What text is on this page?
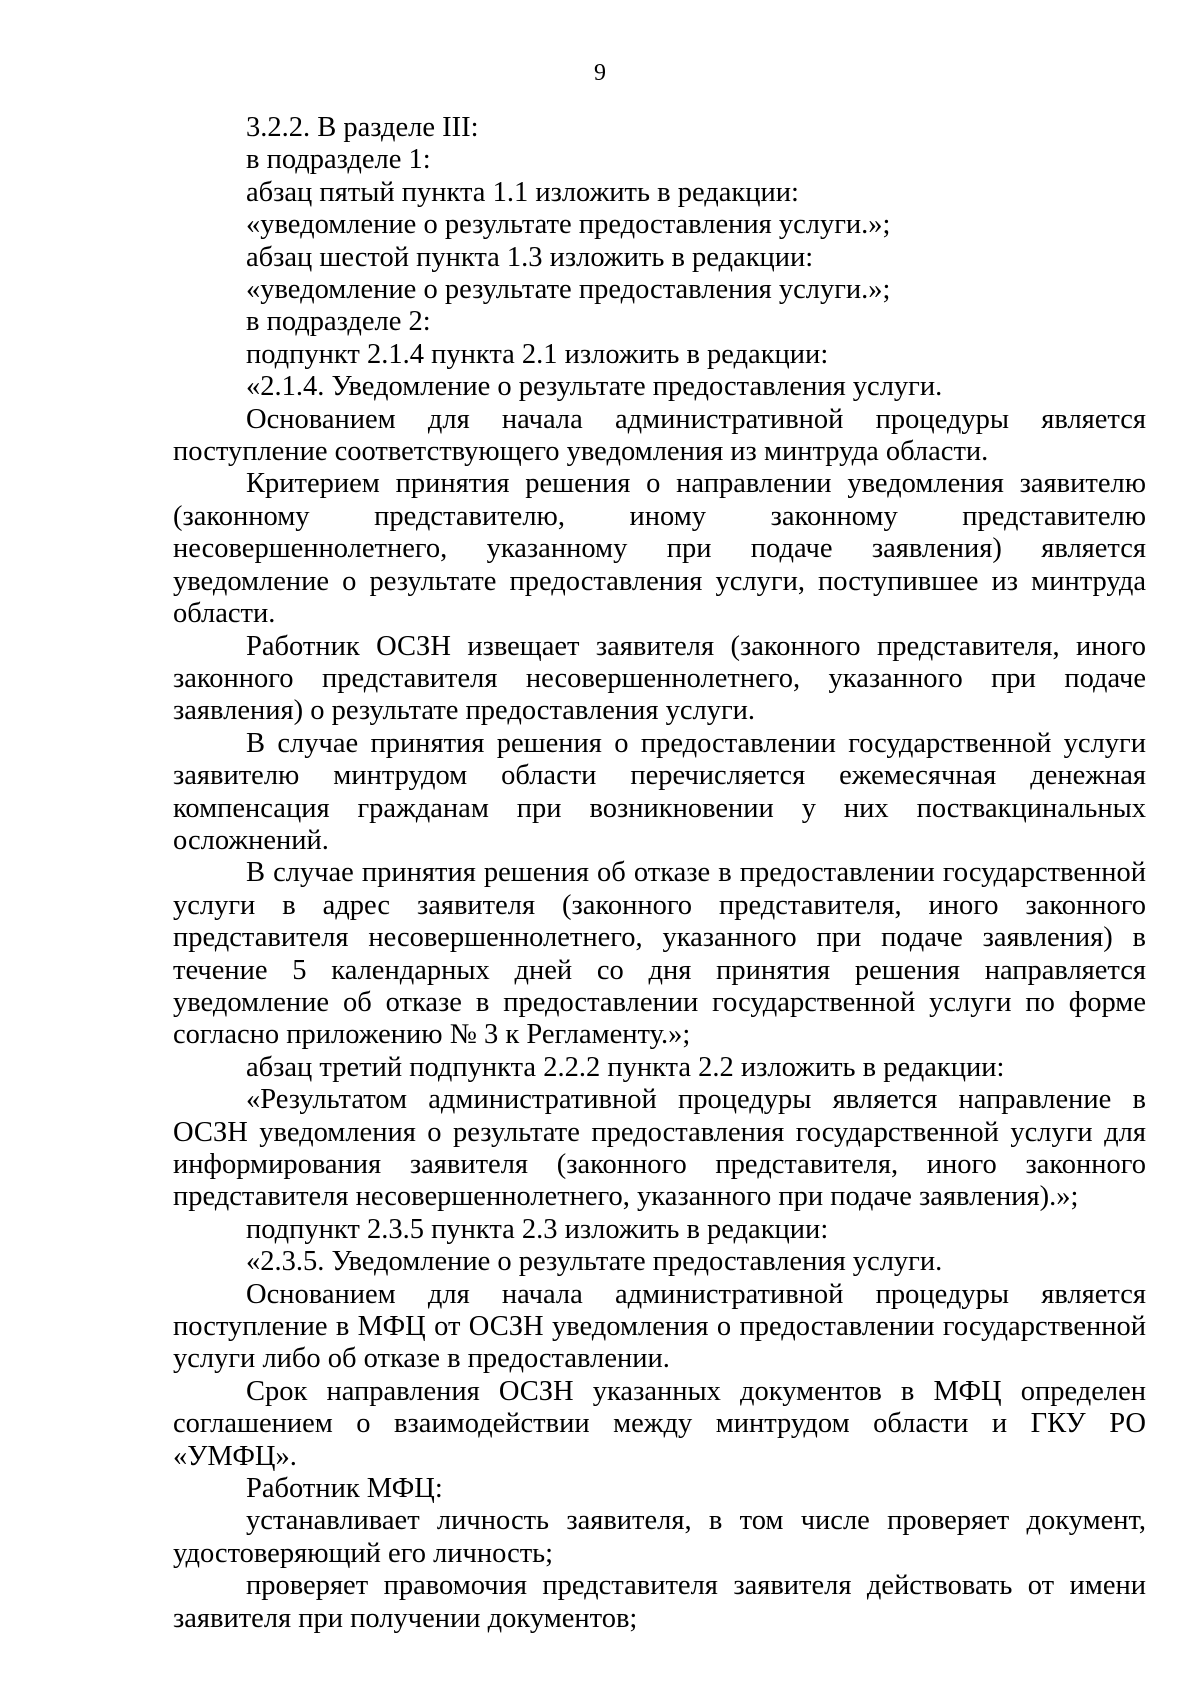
9

3.2.2. В разделе III:

в подразделе 1:

абзац пятый пункта 1.1 изложить в редакции:

«уведомление о результате предоставления услуги.»;

абзац шестой пункта 1.3 изложить в редакции:

«уведомление о результате предоставления услуги.»;

в подразделе 2:

подпункт 2.1.4 пункта 2.1 изложить в редакции:

«2.1.4. Уведомление о результате предоставления услуги.

Основанием для начала административной процедуры является поступление соответствующего уведомления из минтруда области.

Критерием принятия решения о направлении уведомления заявителю (законному представителю, иному законному представителю несовершеннолетнего, указанному при подаче заявления) является уведомление о результате предоставления услуги, поступившее из минтруда области.

Работник ОСЗН извещает заявителя (законного представителя, иного законного представителя несовершеннолетнего, указанного при подаче заявления) о результате предоставления услуги.

В случае принятия решения о предоставлении государственной услуги заявителю минтрудом области перечисляется ежемесячная денежная компенсация гражданам при возникновении у них поствакцинальных осложнений.

В случае принятия решения об отказе в предоставлении государственной услуги в адрес заявителя (законного представителя, иного законного представителя несовершеннолетнего, указанного при подаче заявления) в течение 5 календарных дней со дня принятия решения направляется уведомление об отказе в предоставлении государственной услуги по форме согласно приложению № 3 к Регламенту.»;

абзац третий подпункта 2.2.2 пункта 2.2 изложить в редакции:

«Результатом административной процедуры является направление в ОСЗН уведомления о результате предоставления государственной услуги для информирования заявителя (законного представителя, иного законного представителя несовершеннолетнего, указанного при подаче заявления).»;

подпункт 2.3.5 пункта 2.3 изложить в редакции:

«2.3.5. Уведомление о результате предоставления услуги.

Основанием для начала административной процедуры является поступление в МФЦ от ОСЗН уведомления о предоставлении государственной услуги либо об отказе в предоставлении.

Срок направления ОСЗН указанных документов в МФЦ определен соглашением о взаимодействии между минтрудом области и ГКУ РО «УМФЦ».

Работник МФЦ:

устанавливает личность заявителя, в том числе проверяет документ, удостоверяющий его личность;

проверяет правомочия представителя заявителя действовать от имени заявителя при получении документов;
